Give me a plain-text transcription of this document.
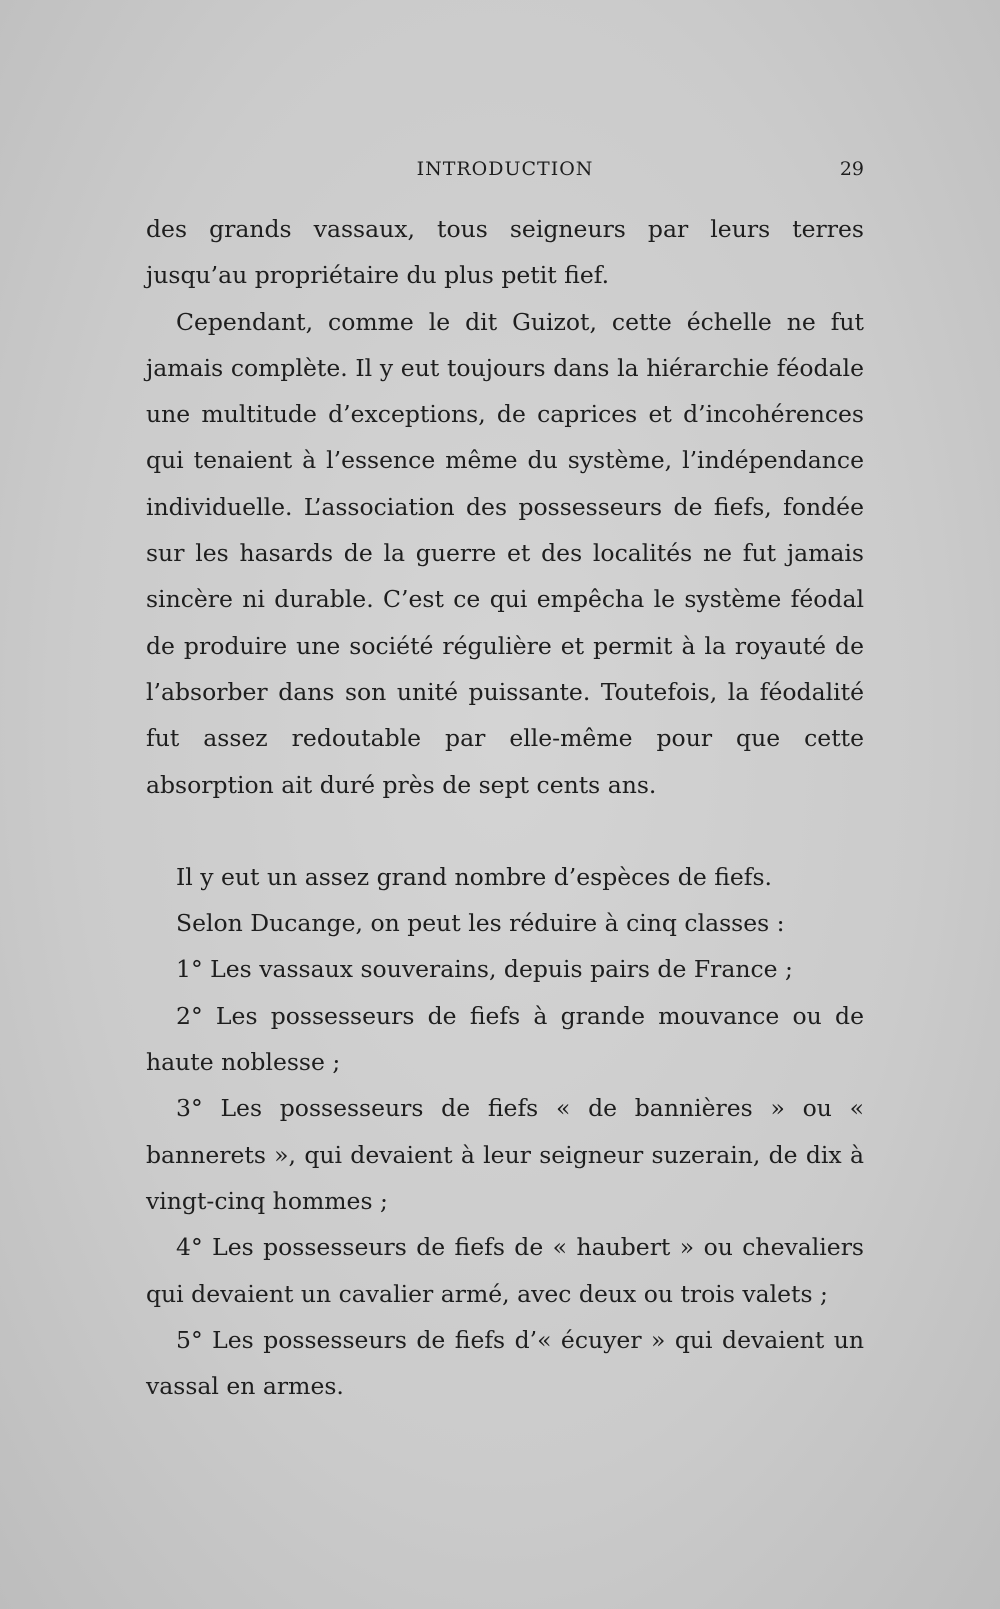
INTRODUCTION	29

des grands vassaux, tous seigneurs par leurs terres jusqu’au propriétaire du plus petit fief.

Cependant, comme le dit Guizot, cette échelle ne fut jamais complète. Il y eut toujours dans la hiérarchie féodale une multitude d’exceptions, de caprices et d’incohérences qui tenaient à l’essence même du système, l’indépendance individuelle. L’association des possesseurs de fiefs, fondée sur les hasards de la guerre et des localités ne fut jamais sincère ni durable. C’est ce qui empêcha le système féodal de produire une société régulière et permit à la royauté de l’absorber dans son unité puissante. Toutefois, la féodalité fut assez redoutable par elle-même pour que cette absorption ait duré près de sept cents ans.

Il y eut un assez grand nombre d’espèces de fiefs.

Selon Ducange, on peut les réduire à cinq classes :

1° Les vassaux souverains, depuis pairs de France ;

2° Les possesseurs de fiefs à grande mouvance ou de haute noblesse ;

3° Les possesseurs de fiefs « de bannières » ou « bannerets », qui devaient à leur seigneur suzerain, de dix à vingt-cinq hommes ;

4° Les possesseurs de fiefs de « haubert » ou chevaliers qui devaient un cavalier armé, avec deux ou trois valets ;

5° Les possesseurs de fiefs d’« écuyer » qui devaient un vassal en armes.
